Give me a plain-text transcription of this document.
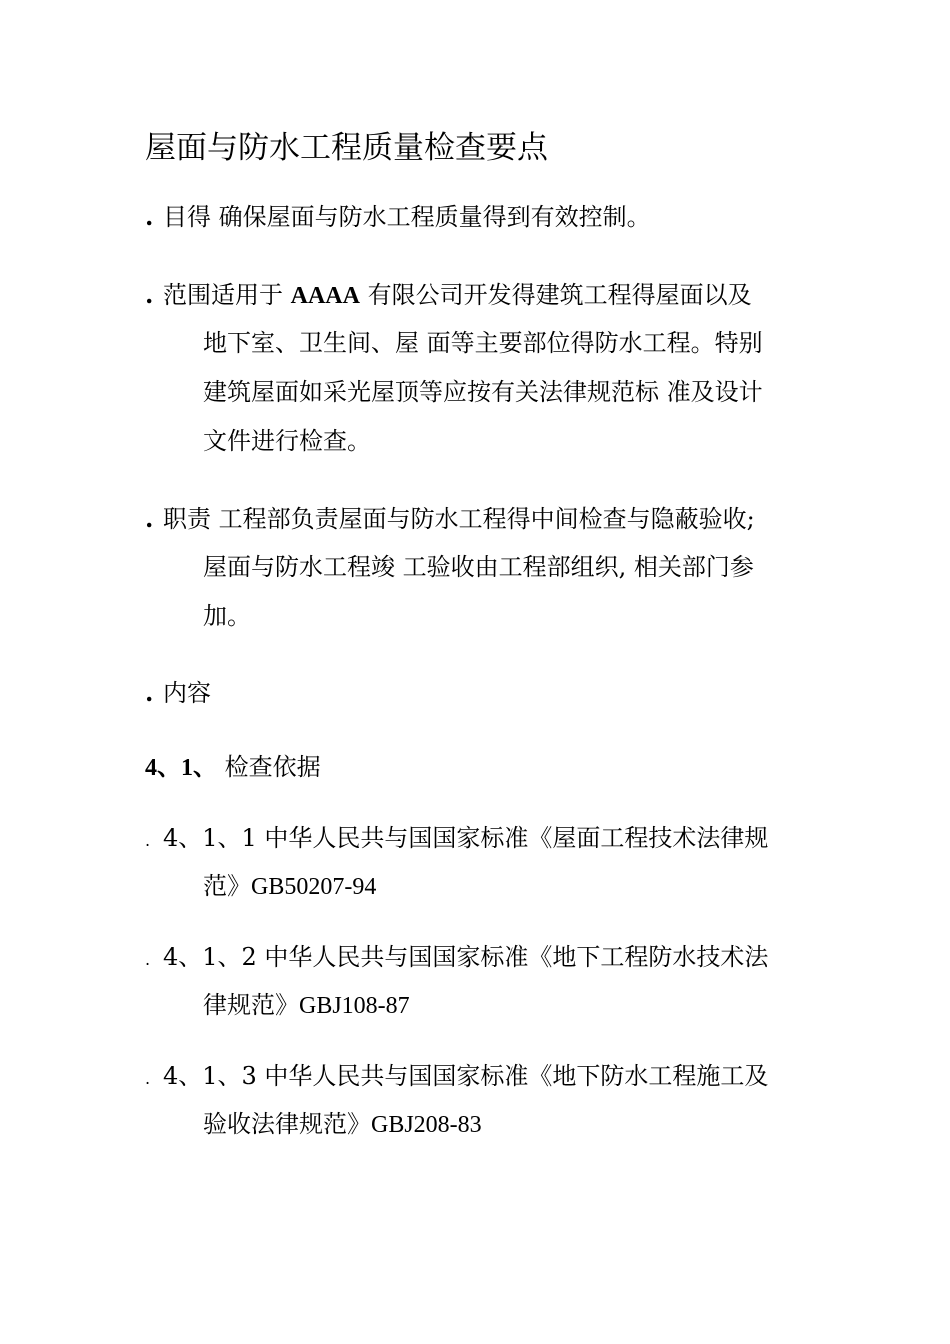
屋面与防水工程质量检查要点
. 目得 确保屋面与防水工程质量得到有效控制。
. 范围适用于 AAAA 有限公司开发得建筑工程得屋面以及
地下室、卫生间、屋 面等主要部位得防水工程。特别
建筑屋面如采光屋顶等应按有关法律规范标 准及设计
文件进行检查。
. 职责 工程部负责屋面与防水工程得中间检查与隐蔽验收;
屋面与防水工程竣 工验收由工程部组织, 相关部门参
加。
. 内容
4、1、 检查依据
. 4、1、1 中华人民共与国国家标准《屋面工程技术法律规
范》GB50207-94
. 4、1、2 中华人民共与国国家标准《地下工程防水技术法
律规范》GBJ108-87
. 4、1、3 中华人民共与国国家标准《地下防水工程施工及
验收法律规范》GBJ208-83
